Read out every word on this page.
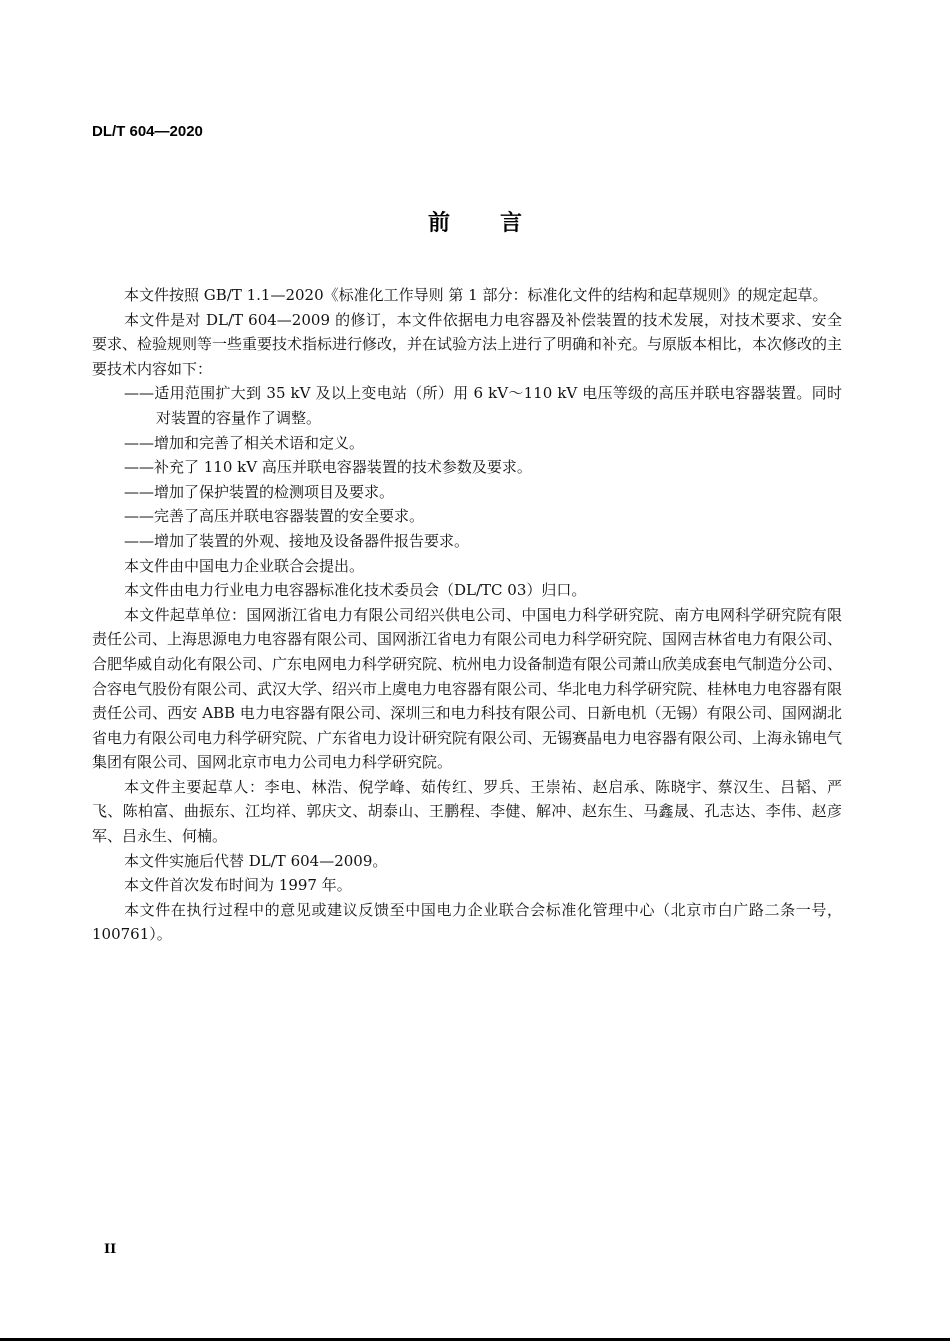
DL/T 604—2020
前言

本文件按照 GB/T 1.1—2020《标准化工作导则 第 1 部分：标准化文件的结构和起草规则》的规定起草。

本文件是对 DL/T 604—2009 的修订，本文件依据电力电容器及补偿装置的技术发展，对技术要求、安全要求、检验规则等一些重要技术指标进行修改，并在试验方法上进行了明确和补充。与原版本相比，本次修改的主要技术内容如下：

——适用范围扩大到 35 kV 及以上变电站（所）用 6 kV～110 kV 电压等级的高压并联电容器装置。同时对装置的容量作了调整。
——增加和完善了相关术语和定义。
——补充了 110 kV 高压并联电容器装置的技术参数及要求。
——增加了保护装置的检测项目及要求。
——完善了高压并联电容器装置的安全要求。
——增加了装置的外观、接地及设备器件报告要求。

本文件由中国电力企业联合会提出。

本文件由电力行业电力电容器标准化技术委员会（DL/TC 03）归口。

本文件起草单位：国网浙江省电力有限公司绍兴供电公司、中国电力科学研究院、南方电网科学研究院有限责任公司、上海思源电力电容器有限公司、国网浙江省电力有限公司电力科学研究院、国网吉林省电力有限公司、合肥华威自动化有限公司、广东电网电力科学研究院、杭州电力设备制造有限公司萧山欣美成套电气制造分公司、合容电气股份有限公司、武汉大学、绍兴市上虞电力电容器有限公司、华北电力科学研究院、桂林电力电容器有限责任公司、西安 ABB 电力电容器有限公司、深圳三和电力科技有限公司、日新电机（无锡）有限公司、国网湖北省电力有限公司电力科学研究院、广东省电力设计研究院有限公司、无锡赛晶电力电容器有限公司、上海永锦电气集团有限公司、国网北京市电力公司电力科学研究院。

本文件主要起草人：李电、林浩、倪学峰、茹传红、罗兵、王崇祐、赵启承、陈晓宇、蔡汉生、吕韬、严飞、陈柏富、曲振东、江均祥、郭庆文、胡泰山、王鹏程、李健、解冲、赵东生、马鑫晟、孔志达、李伟、赵彦军、吕永生、何楠。

本文件实施后代替 DL/T 604—2009。

本文件首次发布时间为 1997 年。

本文件在执行过程中的意见或建议反馈至中国电力企业联合会标准化管理中心（北京市白广路二条一号，100761）。

II
